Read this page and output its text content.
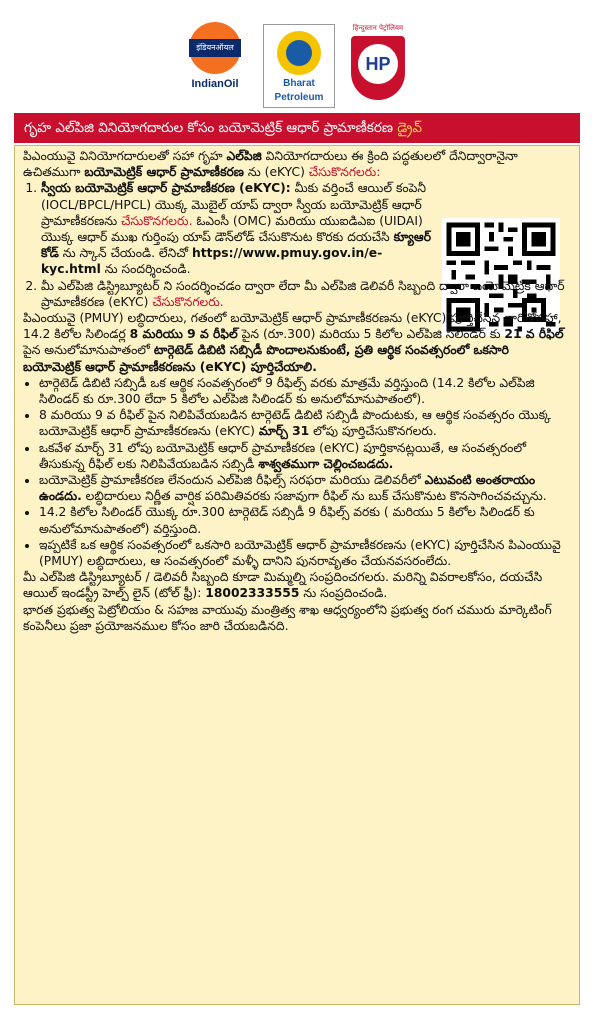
इंडियनऑयल
IndianOil	Bharat
Petroleum
हिन्दुस्तान पेट्रोलियम
HP
గృహ ఎల్‌పిజి వినియోగదారుల కోసం బయోమెట్రిక్ ఆధార్ ప్రామాణీకరణ డ్రైవ్

పిఎంయువై వినియోగదారులతో సహా గృహ ఎల్‌పిజి వినియోగదారులు ఈ క్రింది పద్ధతులలో దేనిద్వారానైనా ఉచితముగా బయోమెట్రిక్ ఆధార్ ప్రామాణీకరణ ను (eKYC) చేసుకొనగలరు:

1. స్వీయ బయోమెట్రిక్ ఆధార్ ప్రామాణీకరణ (eKYC): మీకు వర్తించే ఆయిల్ కంపెనీ (IOCL/BPCL/HPCL) యొక్క మొబైల్ యాప్ ద్వారా స్వీయ బయోమెట్రిక్ ఆధార్ ప్రామాణీకరణను చేసుకొనగలరు. ఓఎంసీ (OMC) మరియు యుఐడిఎఐ (UIDAI) యొక్క ఆధార్ ముఖ గుర్తింపు యాప్ డౌన్‌లోడ్ చేసుకొనుట కొరకు దయచేసి క్యూఆర్ కోడ్ ను స్కాన్ చేయండి. లేనిచో https://www.pmuy.gov.in/e-kyc.html ను సందర్శించండి.
2. మీ ఎల్‌పిజి డిస్ట్రిబ్యూటర్ ని సందర్శించడం ద్వారా లేదా మీ ఎల్‌పిజి డెలివరీ సిబ్బంది ద్వారా బయోమెట్రిక్ ఆధార్ ప్రామాణీకరణ (eKYC) చేసుకొనగలరు.

పిఎంయువై (PMUY) లబ్ధిదారులు, గతంలో బయోమెట్రిక్ ఆధార్ ప్రామాణీకరణను (eKYC) పూర్తిచేసిన వారితోసహా, 14.2 కిలోల సిలిండర్ల 8 మరియు 9 వ రీఫిల్ పైన (రూ.300) మరియు 5 కిలోల ఎల్‌పిజి సిలిండర్ కు 21 వ రీఫిల్ పైన అనులోమానుపాతంలో టార్గెటెడ్ డిబిటి సబ్సిడీ పొందాలనుకుంటే, ప్రతి ఆర్థిక సంవత్సరంలో ఒకసారి బయోమెట్రిక్ ఆధార్ ప్రామాణీకరణను (eKYC) పూర్తిచేయాలి.

• టార్గెటెడ్ డిబిటి సబ్సిడీ ఒక ఆర్థిక సంవత్సరంలో 9 రీఫిల్స్ వరకు మాత్రమే వర్తిస్తుంది (14.2 కిలోల ఎల్‌పిజి సిలిండర్ కు రూ.300 లేదా 5 కిలోల ఎల్‌పిజి సిలిండర్ కు అనులోమానుపాతంలో).
• 8 మరియు 9 వ రీఫిల్ పైన నిలిపివేయబడిన టార్గెటెడ్ డిబిటి సబ్సిడీ పొందుటకు, ఆ ఆర్థిక సంవత్సరం యొక్క బయోమెట్రిక్ ఆధార్ ప్రామాణీకరణను (eKYC) మార్చ్ 31 లోపు పూర్తిచేసుకొనగలరు.
• ఒకవేళ మార్చ్ 31 లోపు బయోమెట్రిక్ ఆధార్ ప్రామాణీకరణ (eKYC) పూర్తికానట్లయితే, ఆ సంవత్సరంలో తీసుకున్న రీఫిల్ లకు నిలిపివేయబడిన సబ్సిడీ శాశ్వతముగా చెల్లించబడదు.
• బయోమెట్రిక్ ప్రామాణీకరణ లేనందున ఎల్‌పిజి రీఫిల్స్ సరఫరా మరియు డెలివరీలో ఎటువంటి అంతరాయం ఉండదు. లబ్ధిదారులు నిర్ణీత వార్షిక పరిమితివరకు సజావుగా రీఫిల్ ను బుక్ చేసుకొనుట కొనసాగించవచ్చును.
• 14.2 కిలోల సిలిండర్ యొక్క రూ.300 టార్గెటెడ్ సబ్సిడీ 9 రీఫిల్స్ వరకు ( మరియు 5 కిలోల సిలిండర్ కు అనులోమానుపాతంలో) వర్తిస్తుంది.
• ఇప్పటికే ఒక ఆర్థిక సంవత్సరంలో ఒకసారి బయోమెట్రిక్ ఆధార్ ప్రామాణీకరణను (eKYC) పూర్తిచేసిన పిఎంయువై (PMUY) లబ్ధిదారులు, ఆ సంవత్సరంలో మళ్ళీ దానిని పునరావృతం చేయనవసరంలేదు.

మీ ఎల్‌పిజి డిస్ట్రిబ్యూటర్ / డెలివరీ సిబ్బంది కూడా మిమ్మల్ని సంప్రదించగలరు. మరిన్ని వివరాలకోసం, దయచేసి ఆయిల్ ఇండస్ట్రీ హెల్ప్ లైన్ (టోల్ ఫ్రీ): 18002333555 ను సంప్రదించండి.

భారత ప్రభుత్వ పెట్రోలియం & సహజ వాయువు మంత్రిత్వ శాఖ ఆధ్వర్యంలోని ప్రభుత్వ రంగ చమురు మార్కెటింగ్ కంపెనీలు ప్రజా ప్రయోజనముల కోసం జారి చేయబడినది.
